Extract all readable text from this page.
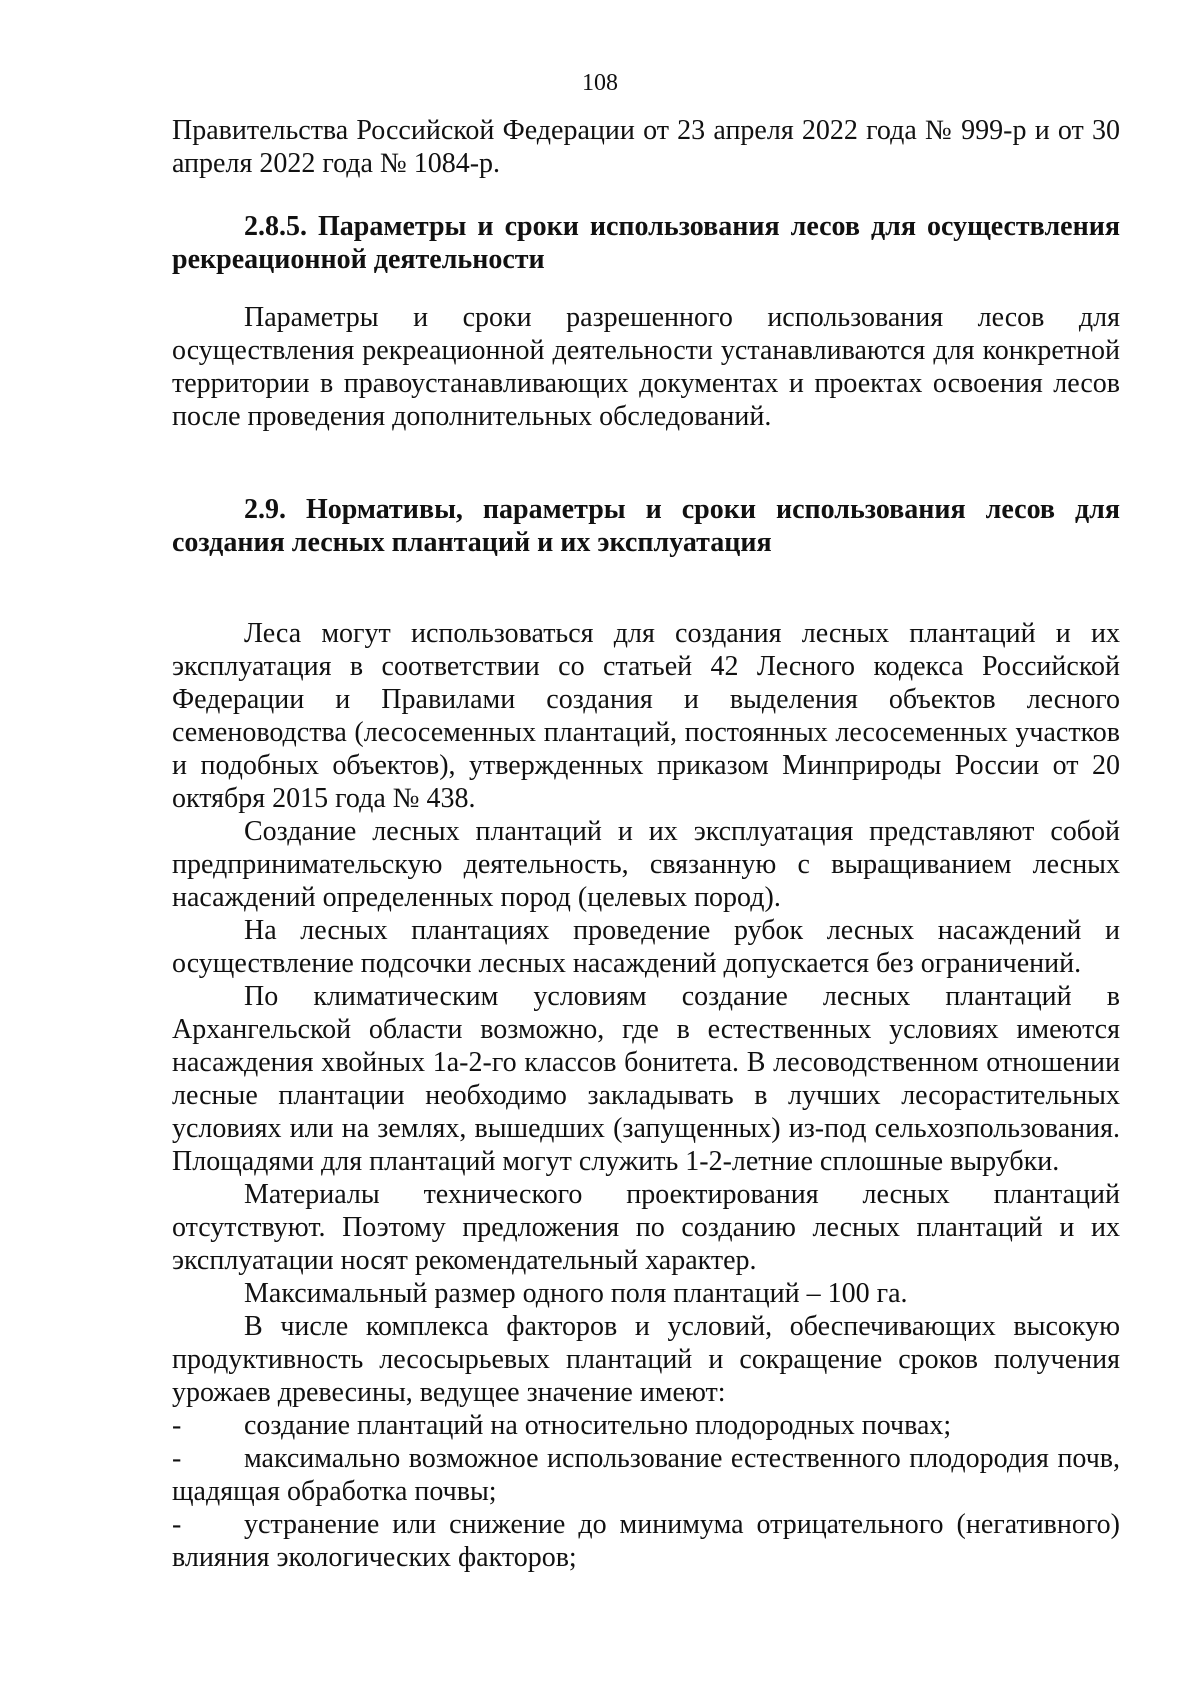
108

Правительства Российской Федерации от 23 апреля 2022 года № 999-р и от 30 апреля 2022 года № 1084-р.

2.8.5. Параметры и сроки использования лесов для осуществления рекреационной деятельности

Параметры и сроки разрешенного использования лесов для осуществления рекреационной деятельности устанавливаются для конкретной территории в правоустанавливающих документах и проектах освоения лесов после проведения дополнительных обследований.

2.9. Нормативы, параметры и сроки использования лесов для создания лесных плантаций и их эксплуатация

Леса могут использоваться для создания лесных плантаций и их эксплуатация в соответствии со статьей 42 Лесного кодекса Российской Федерации и Правилами создания и выделения объектов лесного семеноводства (лесосеменных плантаций, постоянных лесосеменных участков и подобных объектов), утвержденных приказом Минприроды России от 20 октября 2015 года № 438.

Создание лесных плантаций и их эксплуатация представляют собой предпринимательскую деятельность, связанную с выращиванием лесных насаждений определенных пород (целевых пород).

На лесных плантациях проведение рубок лесных насаждений и осуществление подсочки лесных насаждений допускается без ограничений.

По климатическим условиям создание лесных плантаций в Архангельской области возможно, где в естественных условиях имеются насаждения хвойных 1а-2-го классов бонитета. В лесоводственном отношении лесные плантации необходимо закладывать в лучших лесорастительных условиях или на землях, вышедших (запущенных) из-под сельхозпользования. Площадями для плантаций могут служить 1-2-летние сплошные вырубки.

Материалы технического проектирования лесных плантаций отсутствуют. Поэтому предложения по созданию лесных плантаций и их эксплуатации носят рекомендательный характер.

Максимальный размер одного поля плантаций – 100 га.

В числе комплекса факторов и условий, обеспечивающих высокую продуктивность лесосырьевых плантаций и сокращение сроков получения урожаев древесины, ведущее значение имеют:

- создание плантаций на относительно плодородных почвах;

- максимально возможное использование естественного плодородия почв, щадящая обработка почвы;

- устранение или снижение до минимума отрицательного (негативного) влияния экологических факторов;
